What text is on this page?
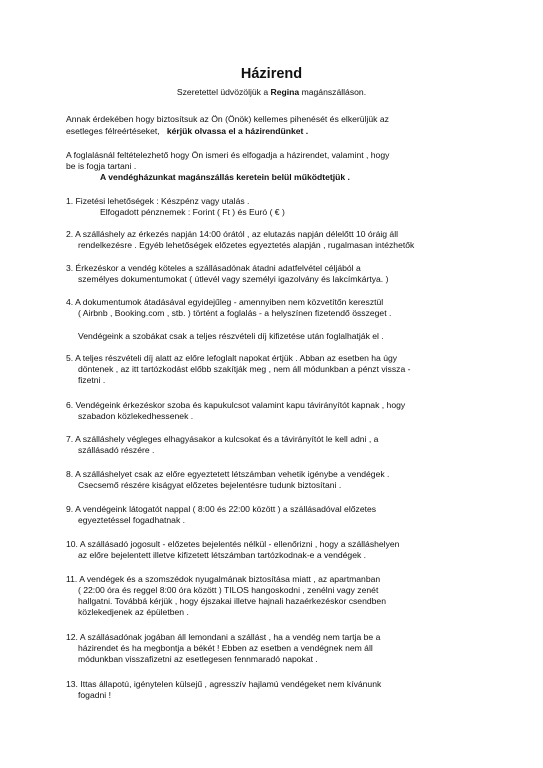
Házirend
Szeretettel üdvözöljük a Regina magánszálláson.
Annak érdekében hogy biztosítsuk az Ön (Önök) kellemes pihenését és elkerüljük az
esetleges félreértéseket, kérjük olvassa el a házirendünket .
A foglalásnál feltételezhető hogy Ön ismeri és elfogadja a házirendet, valamint , hogy
be is fogja tartani .
A vendégházunkat magánszállás keretein belül működtetjük .
1. Fizetési lehetőségek : Készpénz vagy utalás .
Elfogadott pénznemek : Forint ( Ft ) és Euró ( € )
2. A szálláshely az érkezés napján 14:00 órától , az elutazás napján délelőtt 10 óráig áll
rendelkezésre . Egyéb lehetőségek előzetes egyeztetés alapján , rugalmasan intézhetők
3. Érkezéskor a vendég köteles a szállásadónak átadni adatfelvétel céljából a
személyes dokumentumokat ( útlevél vagy személyi igazolvány és lakcímkártya. )
4. A dokumentumok átadásával egyidejűleg - amennyiben nem közvetítőn keresztül
( Airbnb , Booking.com , stb. ) történt a foglalás - a helyszínen fizetendő összeget .
Vendégeink a szobákat csak a teljes részvételi díj kifizetése után foglalhatják el .
5. A teljes részvételi díj alatt az előre lefoglalt napokat értjük . Abban az esetben ha úgy
döntenek , az itt tartózkodást előbb szakítják meg , nem áll módunkban a pénzt vissza -
fizetni .
6. Vendégeink érkezéskor szoba és kapukulcsot valamint kapu távirányítót kapnak , hogy
szabadon közlekedhessenek .
7. A szálláshely végleges elhagyásakor a kulcsokat és a távirányítót le kell adni , a
szállásadó részére .
8. A szálláshelyet csak az előre egyeztetett létszámban vehetik igénybe a vendégek .
Csecsemő részére kiságyat előzetes bejelentésre tudunk biztosítani .
9. A vendégeink látogatót nappal ( 8:00 és 22:00 között ) a szállásadóval előzetes
egyeztetéssel fogadhatnak .
10. A szállásadó jogosult - előzetes bejelentés nélkül - ellenőrizni , hogy a szálláshelyen
az előre bejelentett illetve kifizetett létszámban tartózkodnak-e a vendégek .
11. A vendégek és a szomszédok nyugalmának biztosítása miatt , az apartmanban
( 22:00 óra és reggel 8:00 óra között ) TILOS hangoskodni , zenélni vagy zenét
hallgatni. Továbbá kérjük , hogy éjszakai illetve hajnali hazaérkezéskor csendben
közlekedjenek az épületben .
12. A szállásadónak jogában áll lemondani a szállást , ha a vendég nem tartja be a
házirendet és ha megbontja a békét ! Ebben az esetben a vendégnek nem áll
módunkban visszafizetni az esetlegesen fennmaradó napokat .
13. Ittas állapotú, igénytelen külsejű , agresszív hajlamú vendégeket nem kívánunk
fogadni !
